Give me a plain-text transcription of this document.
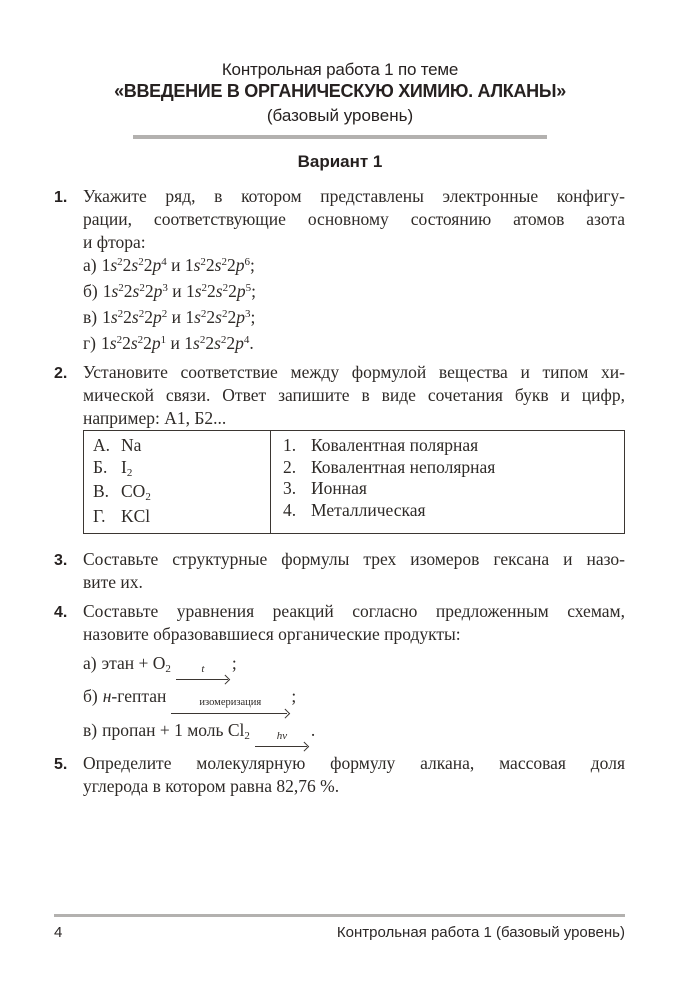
Контрольная работа 1 по теме
«ВВЕДЕНИЕ В ОРГАНИЧЕСКУЮ ХИМИЮ. АЛКАНЫ»
(базовый уровень)
Вариант 1
1. Укажите ряд, в котором представлены электронные конфигу-
рации, соответствующие основному состоянию атомов азота
и фтора:
а) $1s^22s^22p^4$ и $1s^22s^22p^6$;
б) $1s^22s^22p^3$ и $1s^22s^22p^5$;
в) $1s^22s^22p^2$ и $1s^22s^22p^3$;
г) $1s^22s^22p^1$ и $1s^22s^22p^4$.
2. Установите соответствие между формулой вещества и типом хи-
мической связи. Ответ запишите в виде сочетания букв и цифр,
например: А1, Б2...
А. Na
Б. I2
В. CO2
Г. KCl
1. Ковалентная полярная
2. Ковалентная неполярная
3. Ионная
4. Металлическая
3. Составьте структурные формулы трех изомеров гексана и назо-
вите их.
4. Составьте уравнения реакций согласно предложенным схемам,
назовите образовавшиеся органические продукты:
а) этан + O2	t	;
б) н-гептан	изомеризация	;
в) пропан + 1 моль Cl2	hν	.
5. Определите молекулярную формулу алкана, массовая доля
углерода в котором равна 82,76 %.
4	Контрольная работа 1 (базовый уровень)
